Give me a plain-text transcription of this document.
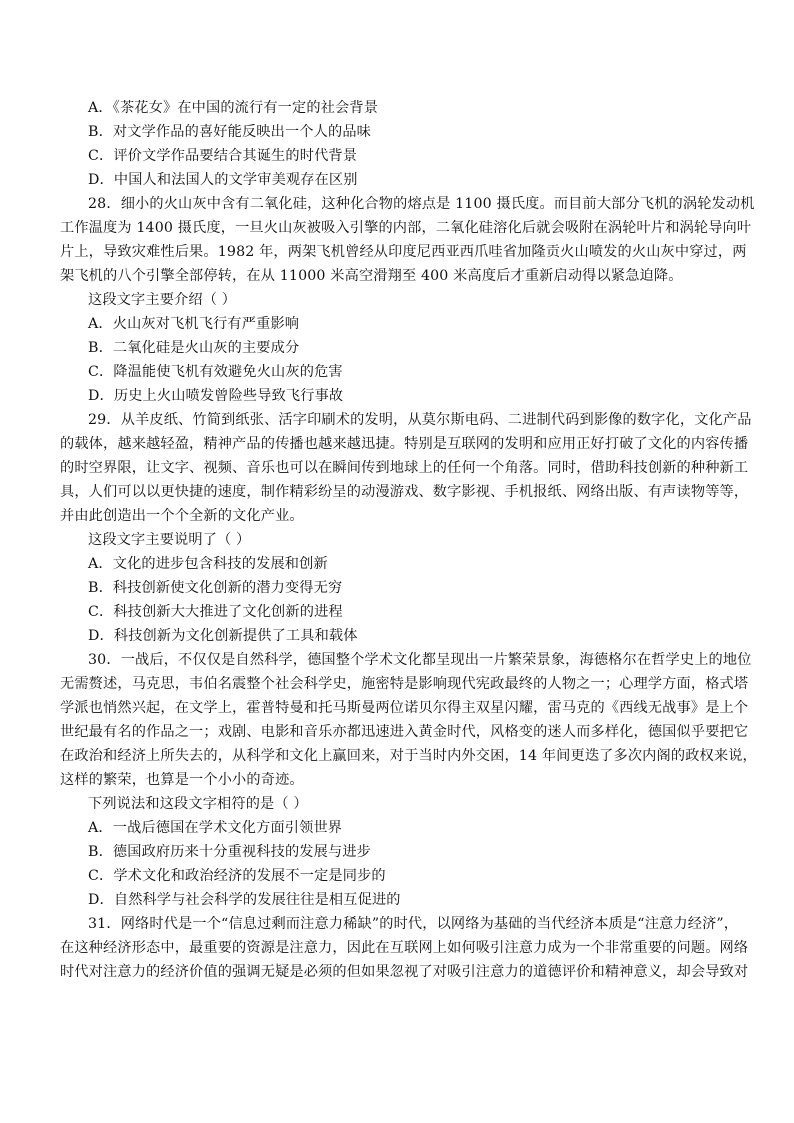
A．《茶花女》在中国的流行有一定的社会背景
B．对文学作品的喜好能反映出一个人的品味
C．评价文学作品要结合其诞生的时代背景
D．中国人和法国人的文学审美观存在区别
28．细小的火山灰中含有二氧化硅，这种化合物的熔点是 1100 摄氏度。而目前大部分飞机的涡轮发动机
工作温度为 1400 摄氏度，一旦火山灰被吸入引擎的内部，二氧化硅溶化后就会吸附在涡轮叶片和涡轮导向叶
片上，导致灾难性后果。1982 年，两架飞机曾经从印度尼西亚西爪哇省加隆贡火山喷发的火山灰中穿过，两
架飞机的八个引擎全部停转，在从 11000 米高空滑翔至 400 米高度后才重新启动得以紧急迫降。
这段文字主要介绍（ ）
A．火山灰对飞机飞行有严重影响
B．二氧化硅是火山灰的主要成分
C．降温能使飞机有效避免火山灰的危害
D．历史上火山喷发曾险些导致飞行事故
29．从羊皮纸、竹简到纸张、活字印刷术的发明，从莫尔斯电码、二进制代码到影像的数字化，文化产品
的载体，越来越轻盈，精神产品的传播也越来越迅捷。特别是互联网的发明和应用正好打破了文化的内容传播
的时空界限，让文字、视频、音乐也可以在瞬间传到地球上的任何一个角落。同时，借助科技创新的种种新工
具，人们可以以更快捷的速度，制作精彩纷呈的动漫游戏、数字影视、手机报纸、网络出版、有声读物等等，
并由此创造出一个个全新的文化产业。
这段文字主要说明了（ ）
A．文化的进步包含科技的发展和创新
B．科技创新使文化创新的潜力变得无穷
C．科技创新大大推进了文化创新的进程
D．科技创新为文化创新提供了工具和载体
30．一战后，不仅仅是自然科学，德国整个学术文化都呈现出一片繁荣景象，海德格尔在哲学史上的地位
无需赘述，马克思，韦伯名震整个社会科学史，施密特是影响现代宪政最终的人物之一；心理学方面，格式塔
学派也悄然兴起，在文学上，霍普特曼和托马斯曼两位诺贝尔得主双星闪耀，雷马克的《西线无战事》是上个
世纪最有名的作品之一；戏剧、电影和音乐亦都迅速进入黄金时代，风格变的迷人而多样化，德国似乎要把它
在政治和经济上所失去的，从科学和文化上赢回来，对于当时内外交困，14 年间更迭了多次内阁的政权来说，
这样的繁荣，也算是一个小小的奇迹。
下列说法和这段文字相符的是（ ）
A．一战后德国在学术文化方面引领世界
B．德国政府历来十分重视科技的发展与进步
C．学术文化和政治经济的发展不一定是同步的
D．自然科学与社会科学的发展往往是相互促进的
31．网络时代是一个“信息过剩而注意力稀缺”的时代，以网络为基础的当代经济本质是“注意力经济”，
在这种经济形态中，最重要的资源是注意力，因此在互联网上如何吸引注意力成为一个非常重要的问题。网络
时代对注意力的经济价值的强调无疑是必须的但如果忽视了对吸引注意力的道德评价和精神意义，却会导致对
